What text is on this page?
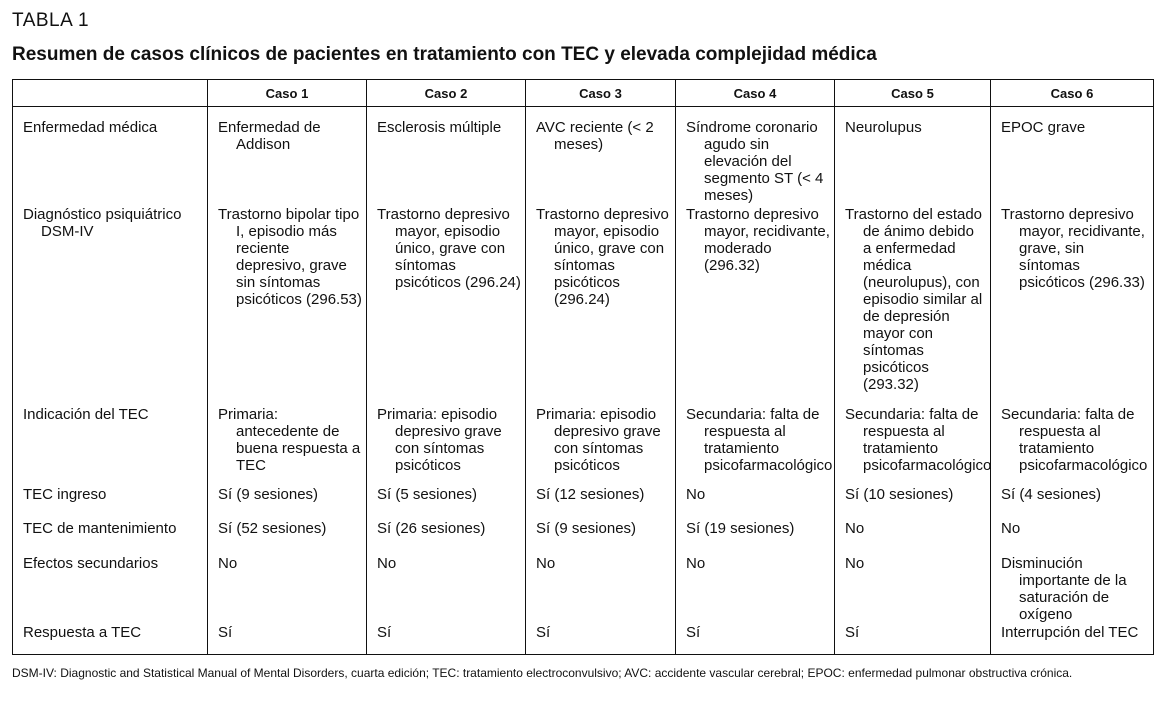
TABLA 1
Resumen de casos clínicos de pacientes en tratamiento con TEC y elevada complejidad médica
	Caso 1	Caso 2	Caso 3	Caso 4	Caso 5	Caso 6

Enfermedad médica	Enfermedad de Addison	Esclerosis múltiple	AVC reciente (< 2 meses)	Síndrome coronario agudo sin elevación del segmento ST (< 4 meses)	Neurolupus	EPOC grave

Diagnóstico psiquiátrico DSM-IV	Trastorno bipolar tipo I, episodio más reciente depresivo, grave sin síntomas psicóticos (296.53)	Trastorno depresivo mayor, episodio único, grave con síntomas psicóticos (296.24)	Trastorno depresivo mayor, episodio único, grave con síntomas psicóticos (296.24)	Trastorno depresivo mayor, recidivante, moderado (296.32)	Trastorno del estado de ánimo debido a enfermedad médica (neurolupus), con episodio similar al de depresión mayor con síntomas psicóticos (293.32)	Trastorno depresivo mayor, recidivante, grave, sin síntomas psicóticos (296.33)

Indicación del TEC	Primaria: antecedente de buena respuesta a TEC	Primaria: episodio depresivo grave con síntomas psicóticos	Primaria: episodio depresivo grave con síntomas psicóticos	Secundaria: falta de respuesta al tratamiento psicofarmacológico	Secundaria: falta de respuesta al tratamiento psicofarmacológico	Secundaria: falta de respuesta al tratamiento psicofarmacológico

TEC ingreso	Sí (9 sesiones)	Sí (5 sesiones)	Sí (12 sesiones)	No	Sí (10 sesiones)	Sí (4 sesiones)

TEC de mantenimiento	Sí (52 sesiones)	Sí (26 sesiones)	Sí (9 sesiones)	Sí (19 sesiones)	No	No

Efectos secundarios	No	No	No	No	No	Disminución importante de la saturación de oxígeno

Respuesta a TEC	Sí	Sí	Sí	Sí	Sí	Interrupción del TEC
DSM-IV: Diagnostic and Statistical Manual of Mental Disorders, cuarta edición; TEC: tratamiento electroconvulsivo; AVC: accidente vascular cerebral; EPOC: enfermedad pulmonar obstructiva crónica.
